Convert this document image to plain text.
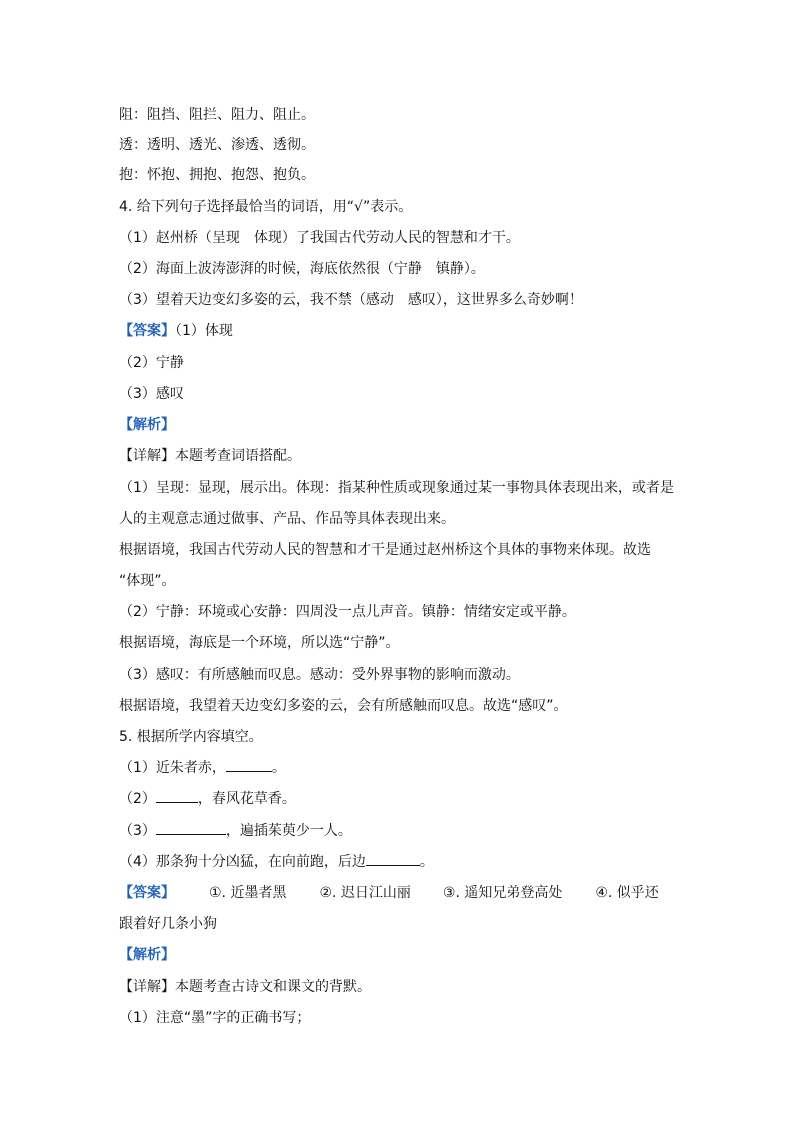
阻：阻挡、阻拦、阻力、阻止。
透：透明、透光、渗透、透彻。
抱：怀抱、拥抱、抱怨、抱负。
4. 给下列句子选择最恰当的词语，用“√”表示。
（1）赵州桥（呈现　体现）了我国古代劳动人民的智慧和才干。
（2）海面上波涛澎湃的时候，海底依然很（宁静　镇静）。
（3）望着天边变幻多姿的云，我不禁（感动　感叹），这世界多么奇妙啊！
【答案】（1）体现
（2）宁静
（3）感叹
【解析】
【详解】本题考查词语搭配。
（1）呈现：显现，展示出。体现：指某种性质或现象通过某一事物具体表现出来，或者是
人的主观意志通过做事、产品、作品等具体表现出来。
根据语境，我国古代劳动人民的智慧和才干是通过赵州桥这个具体的事物来体现。故选
“体现”。
（2）宁静：环境或心安静：四周没一点儿声音。镇静：情绪安定或平静。
根据语境，海底是一个环境，所以选“宁静”。
（3）感叹：有所感触而叹息。感动：受外界事物的影响而激动。
根据语境，我望着天边变幻多姿的云，会有所感触而叹息。故选“感叹”。
5. 根据所学内容填空。
（1）近朱者赤，	。
（2）	，春风花草香。
（3）	，遍插茱萸少一人。
（4）那条狗十分凶猛，在向前跑，后边	。
【答案】 ①. 近墨者黑 ②. 迟日江山丽 ③. 遥知兄弟登高处 ④. 似乎还
跟着好几条小狗
【解析】
【详解】本题考查古诗文和课文的背默。
（1）注意“墨”字的正确书写；
